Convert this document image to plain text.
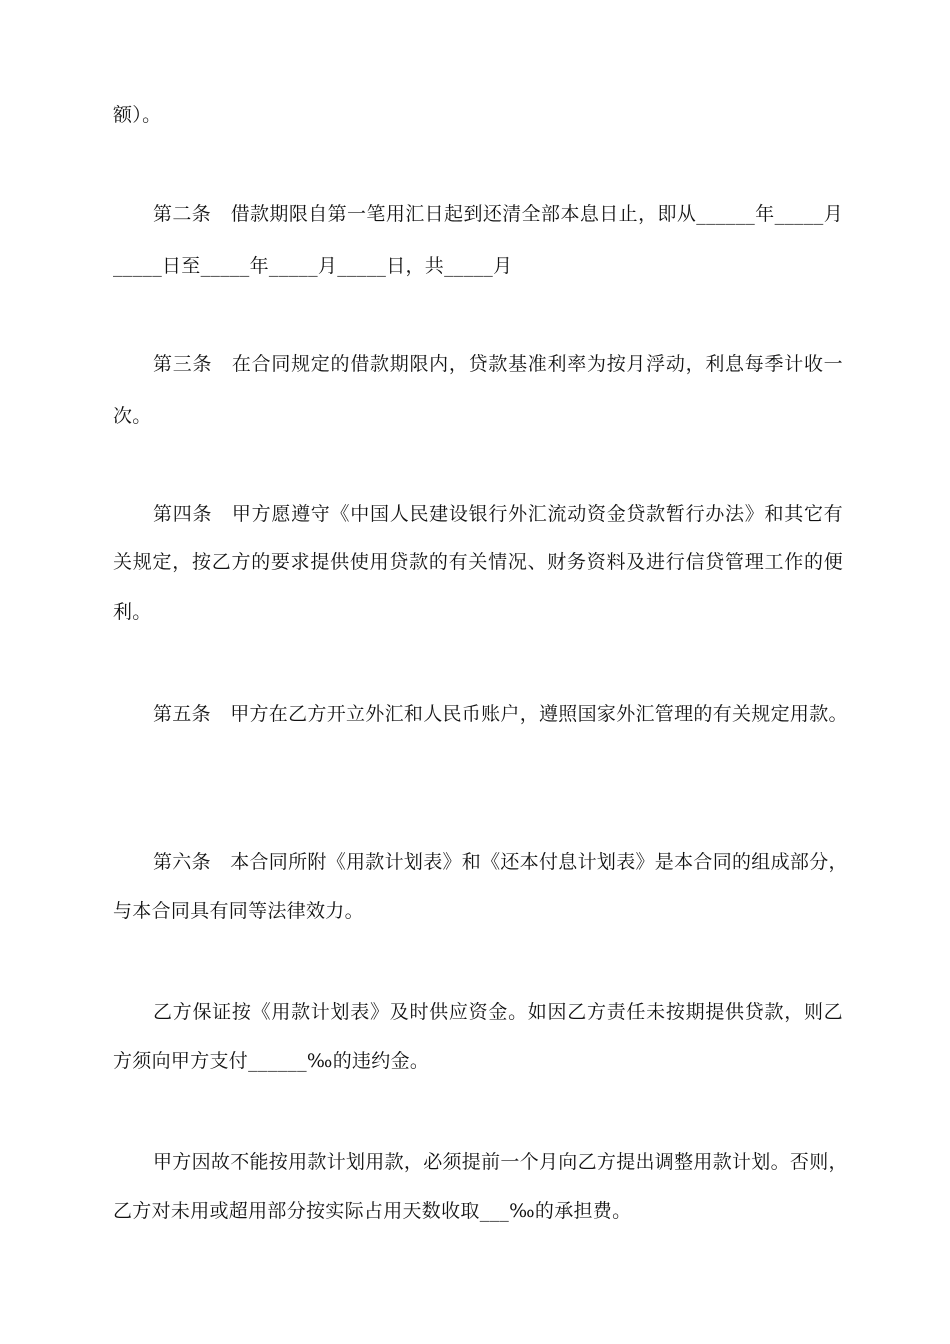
额）。
第二条　借款期限自第一笔用汇日起到还清全部本息日止，即从______年_____月
_____日至_____年_____月_____日，共_____月
第三条　在合同规定的借款期限内，贷款基准利率为按月浮动，利息每季计收一
次。
第四条　甲方愿遵守《中国人民建设银行外汇流动资金贷款暂行办法》和其它有
关规定，按乙方的要求提供使用贷款的有关情况、财务资料及进行信贷管理工作的便
利。
第五条　甲方在乙方开立外汇和人民币账户，遵照国家外汇管理的有关规定用款。
第六条　本合同所附《用款计划表》和《还本付息计划表》是本合同的组成部分，
与本合同具有同等法律效力。
乙方保证按《用款计划表》及时供应资金。如因乙方责任未按期提供贷款，则乙
方须向甲方支付______‰的违约金。
甲方因故不能按用款计划用款，必须提前一个月向乙方提出调整用款计划。否则，
乙方对未用或超用部分按实际占用天数收取___‰的承担费。
